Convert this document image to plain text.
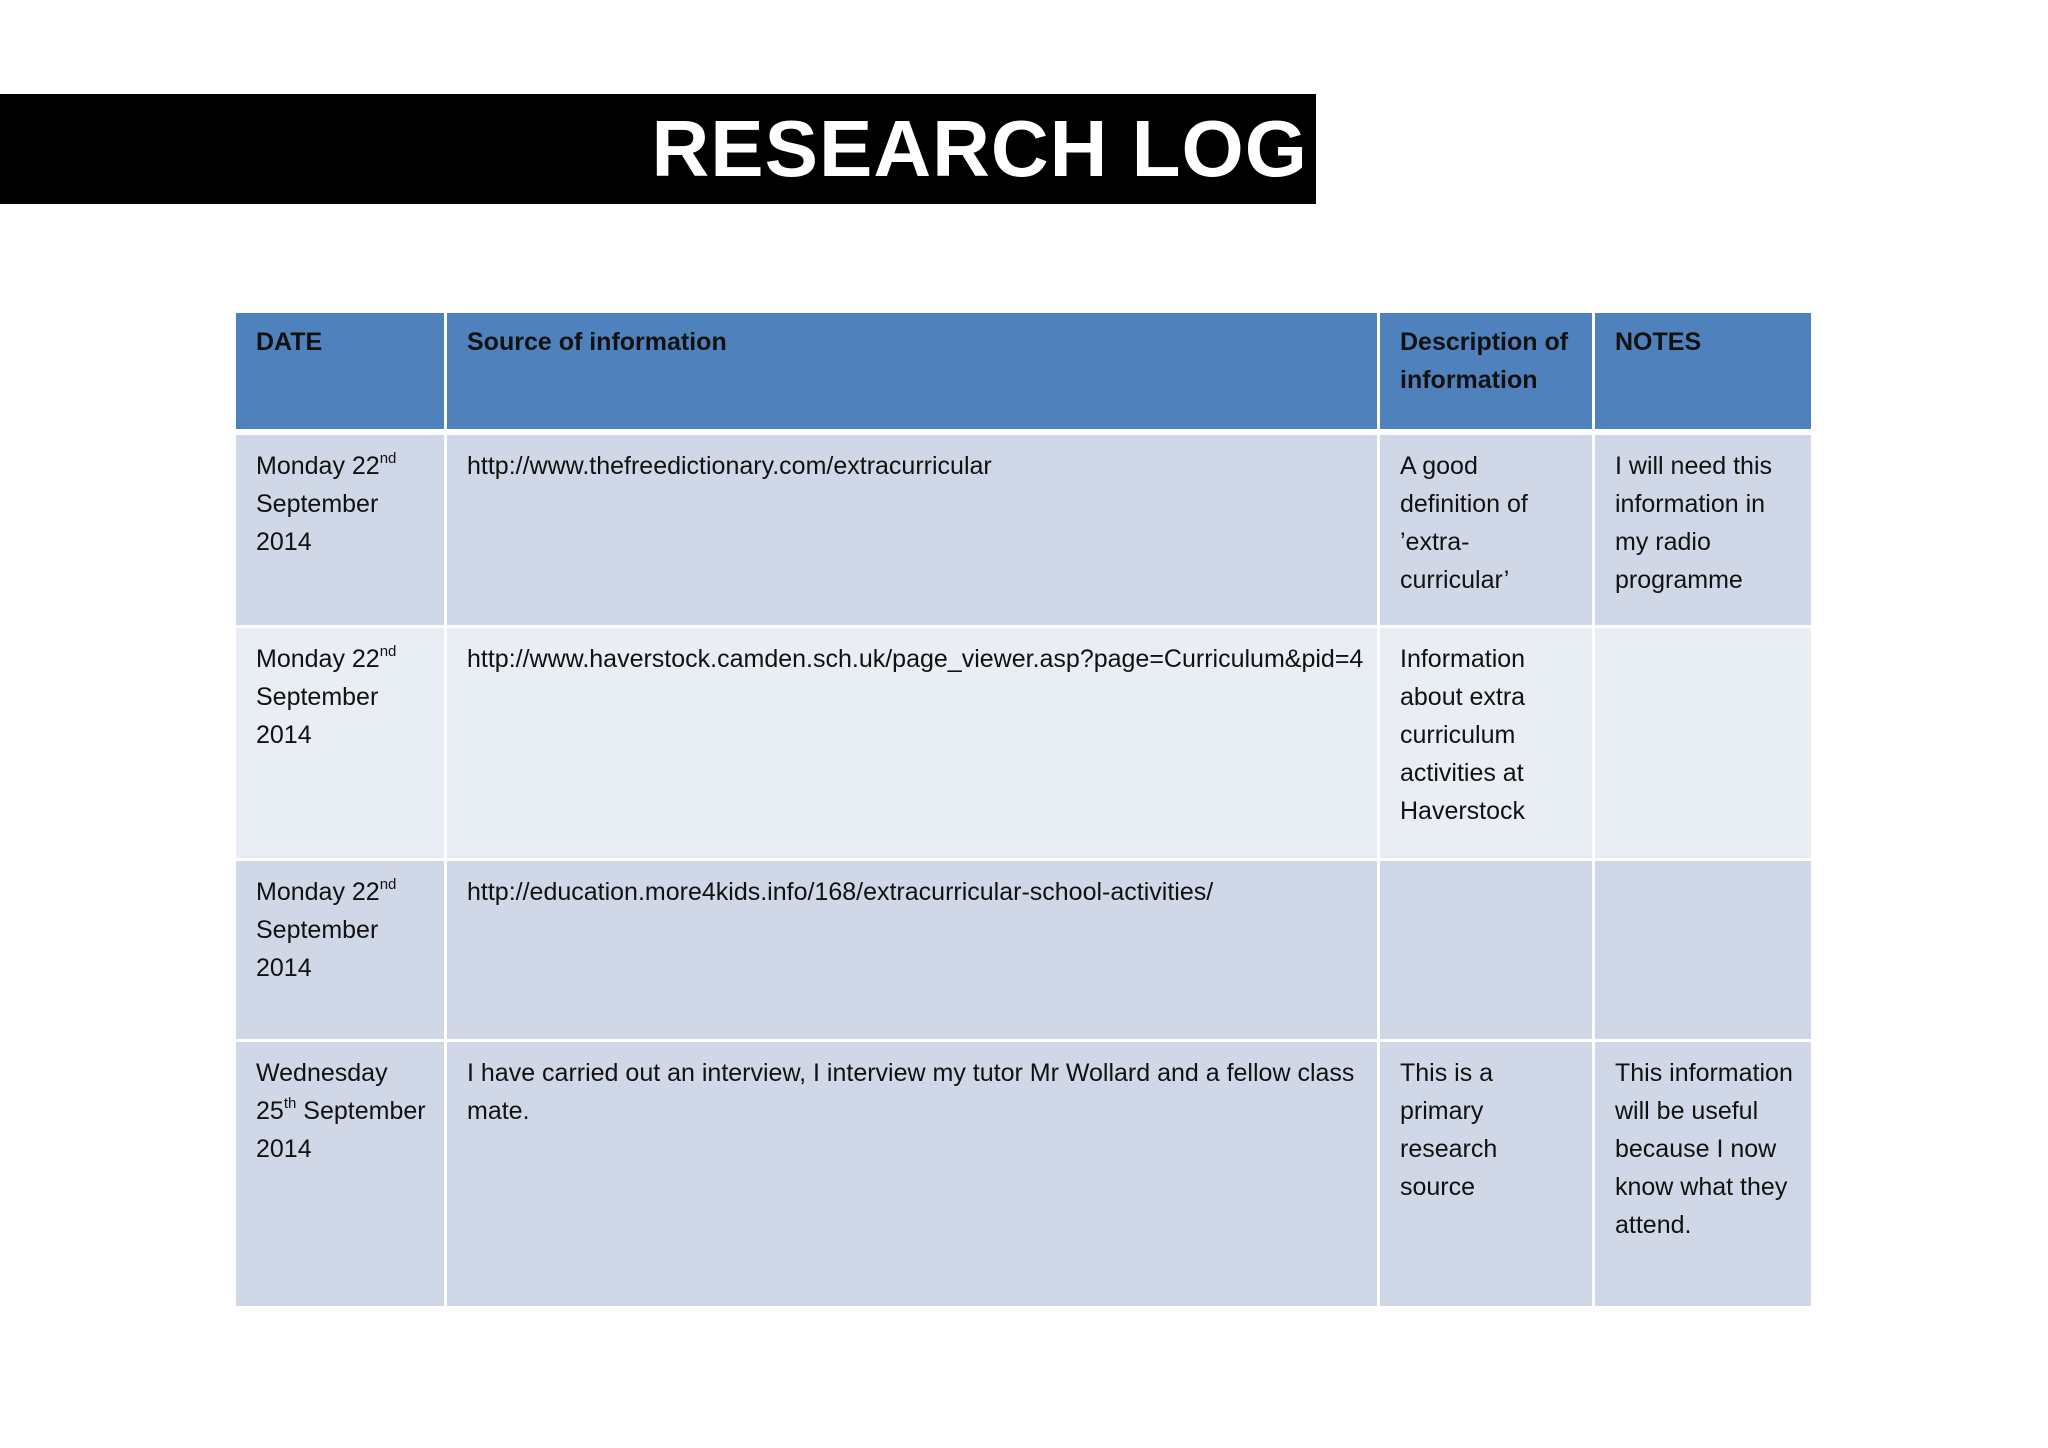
RESEARCH LOG
DATE	Source of information	Description of information	NOTES
Monday 22nd September 2014	http://www.thefreedictionary.com/extracurricular	A good definition of ’extra-curricular’	I will need this information in my radio programme
Monday 22nd September 2014	http://www.haverstock.camden.sch.uk/page_viewer.asp?page=Curriculum&pid=4	Information about extra curriculum activities at Haverstock	
Monday 22nd September 2014	http://education.more4kids.info/168/extracurricular-school-activities/		
Wednesday 25th September 2014	I have carried out an interview, I interview my tutor Mr Wollard and a fellow class mate.	This is a primary research source	This information will be useful because I now know what they attend.
